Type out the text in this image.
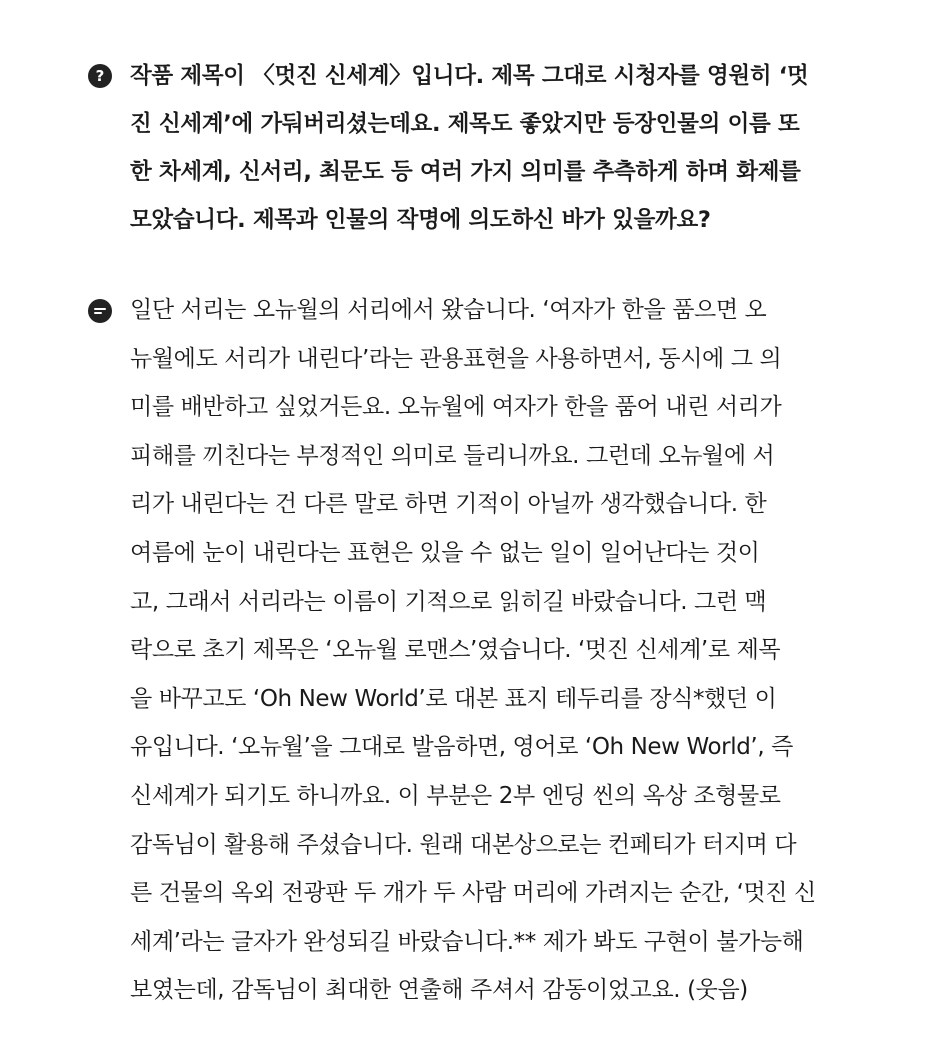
? 작품 제목이 〈멋진 신세계〉입니다. 제목 그대로 시청자를 영원히 ‘멋
진 신세계’에 가둬버리셨는데요. 제목도 좋았지만 등장인물의 이름 또
한 차세계, 신서리, 최문도 등 여러 가지 의미를 추측하게 하며 화제를
모았습니다. 제목과 인물의 작명에 의도하신 바가 있을까요?
일단 서리는 오뉴월의 서리에서 왔습니다. ‘여자가 한을 품으면 오
뉴월에도 서리가 내린다’라는 관용표현을 사용하면서, 동시에 그 의
미를 배반하고 싶었거든요. 오뉴월에 여자가 한을 품어 내린 서리가
피해를 끼친다는 부정적인 의미로 들리니까요. 그런데 오뉴월에 서
리가 내린다는 건 다른 말로 하면 기적이 아닐까 생각했습니다. 한
여름에 눈이 내린다는 표현은 있을 수 없는 일이 일어난다는 것이
고, 그래서 서리라는 이름이 기적으로 읽히길 바랐습니다. 그런 맥
락으로 초기 제목은 ‘오뉴월 로맨스’였습니다. ‘멋진 신세계’로 제목
을 바꾸고도 ‘Oh New World’로 대본 표지 테두리를 장식*했던 이
유입니다. ‘오뉴월’을 그대로 발음하면, 영어로 ‘Oh New World’, 즉
신세계가 되기도 하니까요. 이 부분은 2부 엔딩 씬의 옥상 조형물로
감독님이 활용해 주셨습니다. 원래 대본상으로는 컨페티가 터지며 다
른 건물의 옥외 전광판 두 개가 두 사람 머리에 가려지는 순간, ‘멋진 신
세계’라는 글자가 완성되길 바랐습니다.** 제가 봐도 구현이 불가능해
보였는데, 감독님이 최대한 연출해 주셔서 감동이었고요. (웃음)
